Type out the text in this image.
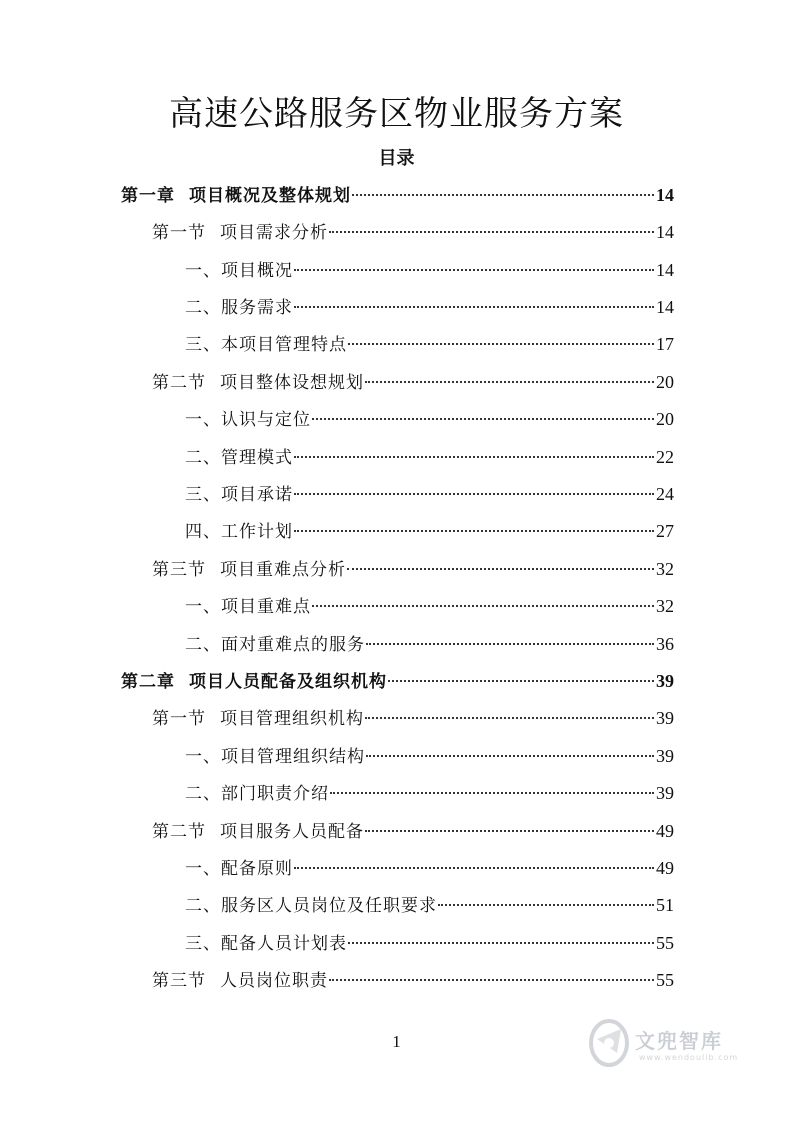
高速公路服务区物业服务方案
目录
第一章 项目概况及整体规划	14
第一节 项目需求分析	14
一、项目概况	14
二、服务需求	14
三、本项目管理特点	17
第二节 项目整体设想规划	20
一、认识与定位	20
二、管理模式	22
三、项目承诺	24
四、工作计划	27
第三节 项目重难点分析	32
一、项目重难点	32
二、面对重难点的服务	36
第二章 项目人员配备及组织机构	39
第一节 项目管理组织机构	39
一、项目管理组织结构	39
二、部门职责介绍	39
第二节 项目服务人员配备	49
一、配备原则	49
二、服务区人员岗位及任职要求	51
三、配备人员计划表	55
第三节 人员岗位职责	55
1	文兜智库
www.wendoulib.com
